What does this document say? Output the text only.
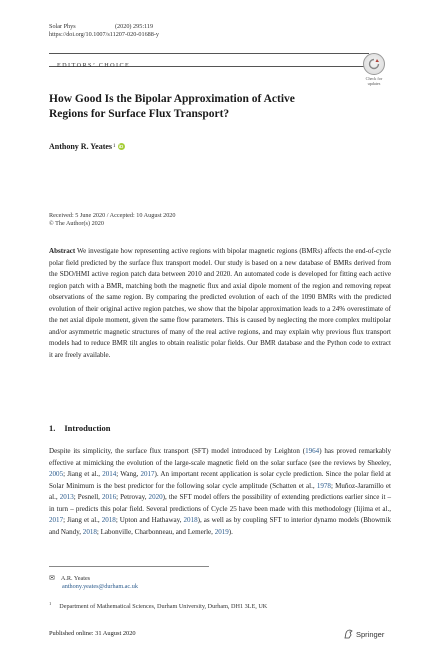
Solar Phys	(2020) 295:119
https://doi.org/10.1007/s11207-020-01688-y
EDITORS’ CHOICE
Check for
updates
How Good Is the Bipolar Approximation of Active
Regions for Surface Flux Transport?
Anthony R. Yeates 1 iD
Received: 5 June 2020 / Accepted: 10 August 2020
© The Author(s) 2020
Abstract We investigate how representing active regions with bipolar magnetic regions (BMRs) affects the end-of-cycle polar field predicted by the surface flux transport model. Our study is based on a new database of BMRs derived from the SDO/HMI active region patch data between 2010 and 2020. An automated code is developed for fitting each active region patch with a BMR, matching both the magnetic flux and axial dipole moment of the region and removing repeat observations of the same region. By comparing the predicted evolution of each of the 1090 BMRs with the predicted evolution of their original active region patches, we show that the bipolar approximation leads to a 24% overestimate of the net axial dipole moment, given the same flow parameters. This is caused by neglecting the more complex multipolar and/or asymmetric magnetic structures of many of the real active regions, and may explain why previous flux transport models had to reduce BMR tilt angles to obtain realistic polar fields. Our BMR database and the Python code to extract it are freely available.
1. Introduction
Despite its simplicity, the surface flux transport (SFT) model introduced by Leighton (1964) has proved remarkably effective at mimicking the evolution of the large-scale magnetic field on the solar surface (see the reviews by Sheeley, 2005; Jiang et al., 2014; Wang, 2017). An important recent application is solar cycle prediction. Since the polar field at Solar Minimum is the best predictor for the following solar cycle amplitude (Schatten et al., 1978; Muñoz-Jaramillo et al., 2013; Pesnell, 2016; Petrovay, 2020), the SFT model offers the possibility of extending predictions earlier since it – in turn – predicts this polar field. Several predictions of Cycle 25 have been made with this methodology (Iijima et al., 2017; Jiang et al., 2018; Upton and Hathaway, 2018), as well as by coupling SFT to interior dynamo models (Bhowmik and Nandy, 2018; Labonville, Charbonneau, and Lemerle, 2019).
✉ A.R. Yeates
anthony.yeates@durham.ac.uk
$^1$ Department of Mathematical Sciences, Durham University, Durham, DH1 3LE, UK
Published online: 31 August 2020	Springer
